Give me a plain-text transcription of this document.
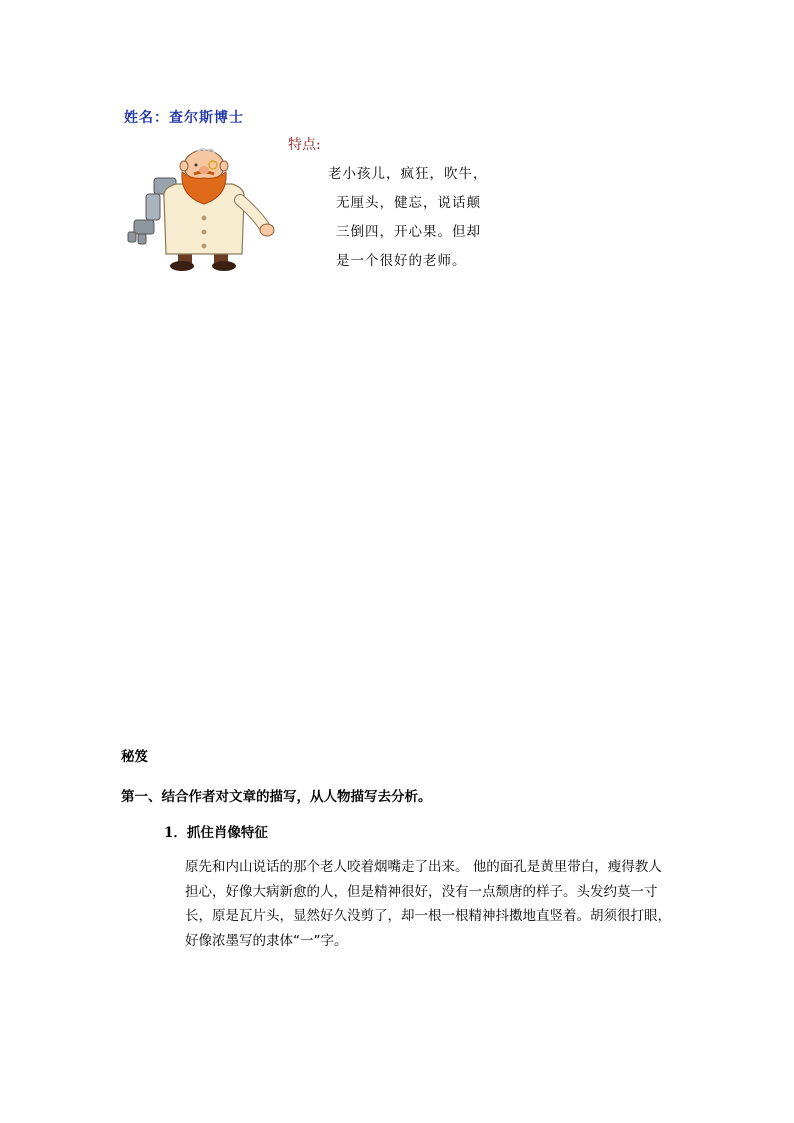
姓名：查尔斯博士
特点:
老小孩儿，疯狂，吹牛，
无厘头，健忘，说话颠
三倒四，开心果。但却
是一个很好的老师。
秘笈
第一、结合作者对文章的描写，从人物描写去分析。
1．抓住肖像特征
原先和内山说话的那个老人咬着烟嘴走了出来。 他的面孔是黄里带白，瘦得教人担心，好像大病新愈的人，但是精神很好，没有一点颓唐的样子。头发约莫一寸长，原是瓦片头，显然好久没剪了，却一根一根精神抖擞地直竖着。胡须很打眼，好像浓墨写的隶体“一”字。
